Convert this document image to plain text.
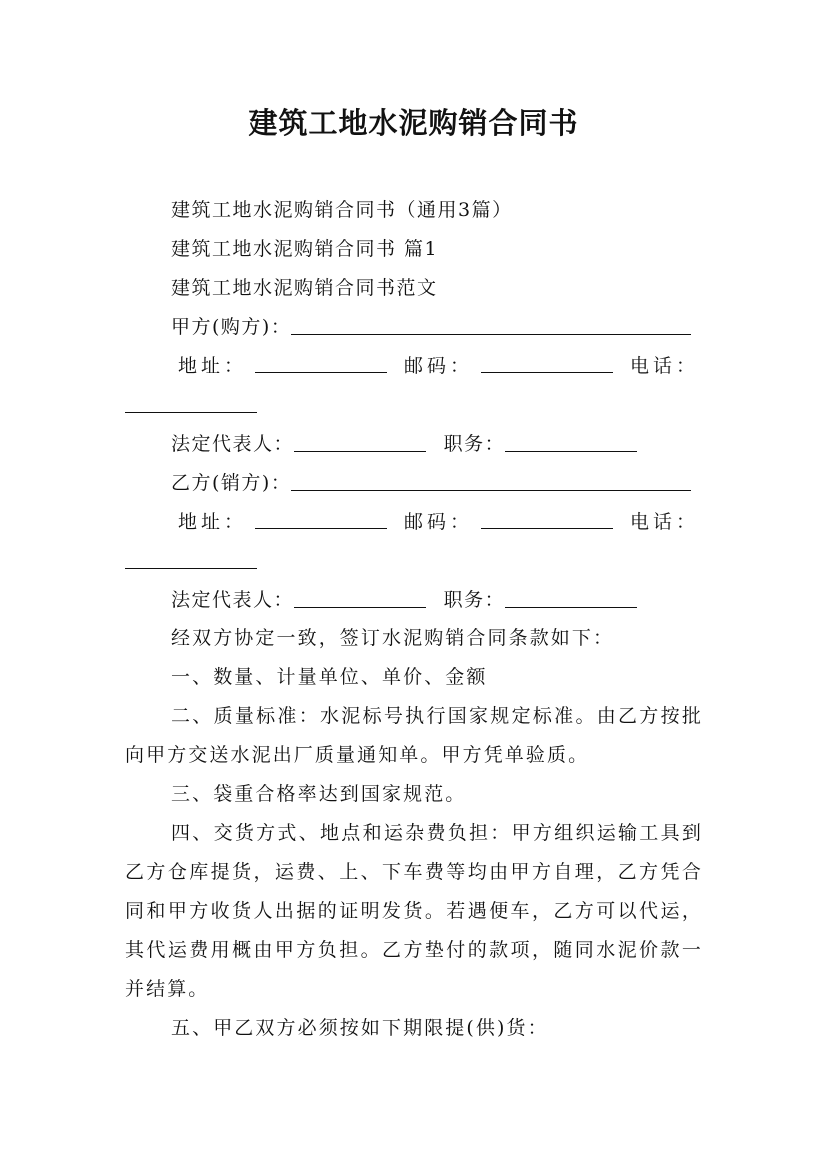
建筑工地水泥购销合同书
建筑工地水泥购销合同书（通用3篇）
建筑工地水泥购销合同书 篇1
建筑工地水泥购销合同书范文
甲方(购方)：
地址：	邮码：	电话：
法定代表人：	职务：
乙方(销方)：
地址：	邮码：	电话：
法定代表人：	职务：
经双方协定一致，签订水泥购销合同条款如下：
一、数量、计量单位、单价、金额
二、质量标准：水泥标号执行国家规定标准。由乙方按批向甲方交送水泥出厂质量通知单。甲方凭单验质。
三、袋重合格率达到国家规范。
四、交货方式、地点和运杂费负担：甲方组织运输工具到乙方仓库提货，运费、上、下车费等均由甲方自理，乙方凭合同和甲方收货人出据的证明发货。若遇便车，乙方可以代运，其代运费用概由甲方负担。乙方垫付的款项，随同水泥价款一并结算。
五、甲乙双方必须按如下期限提(供)货：
